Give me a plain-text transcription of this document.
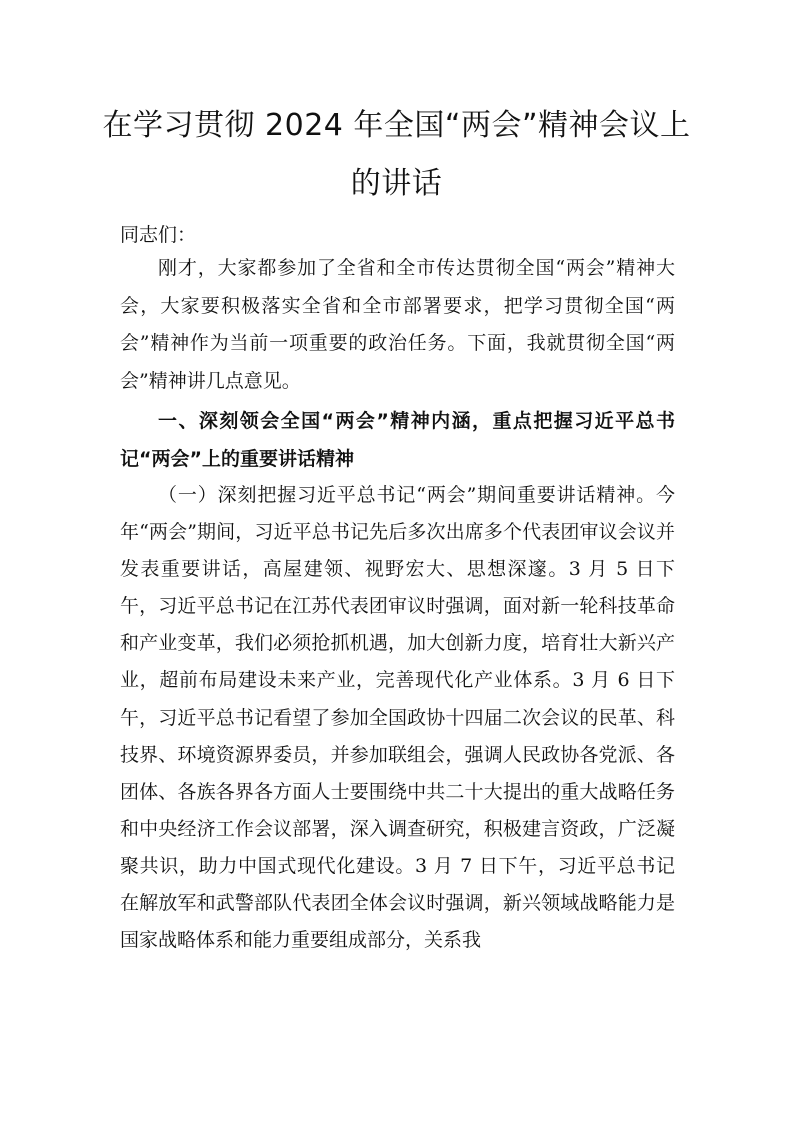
在学习贯彻 2024 年全国“两会”精神会议上
的讲话

同志们：

刚才，大家都参加了全省和全市传达贯彻全国“两会”精神大会，大家要积极落实全省和全市部署要求，把学习贯彻全国“两会”精神作为当前一项重要的政治任务。下面，我就贯彻全国“两会”精神讲几点意见。

一、深刻领会全国“两会”精神内涵，重点把握习近平总书记“两会”上的重要讲话精神

（一）深刻把握习近平总书记“两会”期间重要讲话精神。今年“两会”期间，习近平总书记先后多次出席多个代表团审议会议并发表重要讲话，高屋建领、视野宏大、思想深邃。3 月 5 日下午，习近平总书记在江苏代表团审议时强调，面对新一轮科技革命和产业变革，我们必须抢抓机遇，加大创新力度，培育壮大新兴产业，超前布局建设未来产业，完善现代化产业体系。3 月 6 日下午，习近平总书记看望了参加全国政协十四届二次会议的民革、科技界、环境资源界委员，并参加联组会，强调人民政协各党派、各团体、各族各界各方面人士要围绕中共二十大提出的重大战略任务和中央经济工作会议部署，深入调查研究，积极建言资政，广泛凝聚共识，助力中国式现代化建设。3 月 7 日下午，习近平总书记在解放军和武警部队代表团全体会议时强调，新兴领域战略能力是国家战略体系和能力重要组成部分，关系我
